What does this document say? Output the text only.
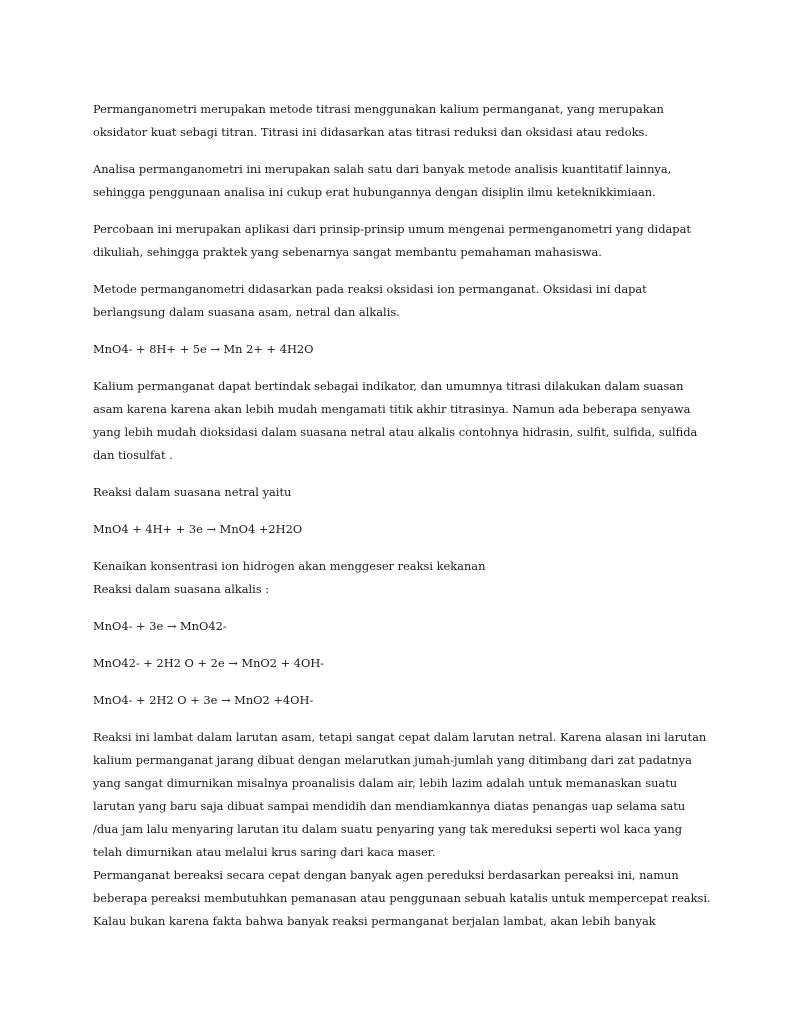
Permanganometri merupakan metode titrasi menggunakan kalium permanganat, yang merupakan
oksidator kuat sebagi titran. Titrasi ini didasarkan atas titrasi reduksi dan oksidasi atau redoks.

Analisa permanganometri ini merupakan salah satu dari banyak metode analisis kuantitatif lainnya,
sehingga penggunaan analisa ini cukup erat hubungannya dengan disiplin ilmu keteknikkimiaan.

Percobaan ini merupakan aplikasi dari prinsip-prinsip umum mengenai permenganometri yang didapat
dikuliah, sehingga praktek yang sebenarnya sangat membantu pemahaman mahasiswa.

Metode permanganometri didasarkan pada reaksi oksidasi ion permanganat. Oksidasi ini dapat
berlangsung dalam suasana asam, netral dan alkalis.

MnO4- + 8H+ + 5e → Mn 2+ + 4H2O

Kalium permanganat dapat bertindak sebagai indikator, dan umumnya titrasi dilakukan dalam suasan
asam karena karena akan lebih mudah mengamati titik akhir titrasinya. Namun ada beberapa senyawa
yang lebih mudah dioksidasi dalam suasana netral atau alkalis contohnya hidrasin, sulfit, sulfida, sulfida
dan tiosulfat .

Reaksi dalam suasana netral yaitu

MnO4 + 4H+ + 3e → MnO4 +2H2O

Kenaikan konsentrasi ion hidrogen akan menggeser reaksi kekanan
Reaksi dalam suasana alkalis :

MnO4- + 3e → MnO42-

MnO42- + 2H2 O + 2e → MnO2 + 4OH-

MnO4- + 2H2 O + 3e → MnO2 +4OH-

Reaksi ini lambat dalam larutan asam, tetapi sangat cepat dalam larutan netral. Karena alasan ini larutan
kalium permanganat jarang dibuat dengan melarutkan jumah-jumlah yang ditimbang dari zat padatnya
yang sangat dimurnikan misalnya proanalisis dalam air, lebih lazim adalah untuk memanaskan suatu
larutan yang baru saja dibuat sampai mendidih dan mendiamkannya diatas penangas uap selama satu
/dua jam lalu menyaring larutan itu dalam suatu penyaring yang tak mereduksi seperti wol kaca yang
telah dimurnikan atau melalui krus saring dari kaca maser.
Permanganat bereaksi secara cepat dengan banyak agen pereduksi berdasarkan pereaksi ini, namun
beberapa pereaksi membutuhkan pemanasan atau penggunaan sebuah katalis untuk mempercepat reaksi.
Kalau bukan karena fakta bahwa banyak reaksi permanganat berjalan lambat, akan lebih banyak
